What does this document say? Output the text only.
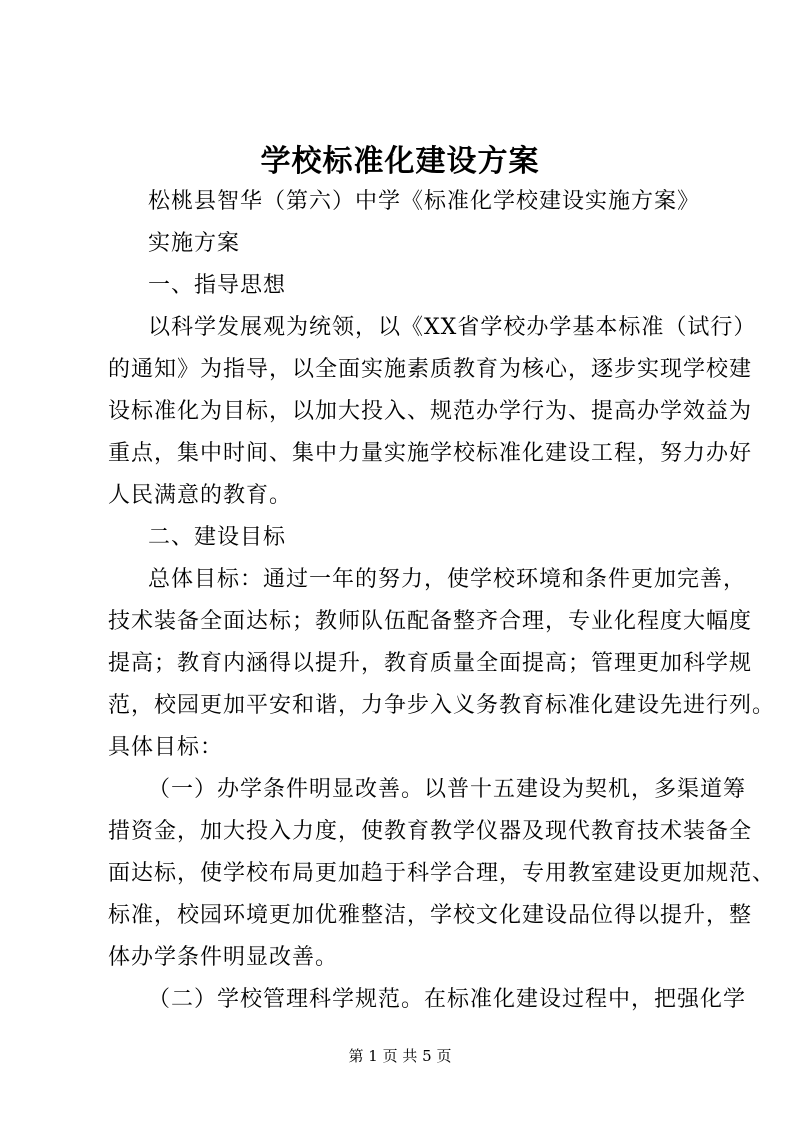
学校标准化建设方案
松桃县智华（第六）中学《标准化学校建设实施方案》
实施方案
一、指导思想
以科学发展观为统领，以《XX省学校办学基本标准（试行）
的通知》为指导，以全面实施素质教育为核心，逐步实现学校建
设标准化为目标，以加大投入、规范办学行为、提高办学效益为
重点，集中时间、集中力量实施学校标准化建设工程，努力办好
人民满意的教育。
二、建设目标
总体目标：通过一年的努力，使学校环境和条件更加完善，
技术装备全面达标；教师队伍配备整齐合理，专业化程度大幅度
提高；教育内涵得以提升，教育质量全面提高；管理更加科学规
范，校园更加平安和谐，力争步入义务教育标准化建设先进行列。
具体目标：
（一）办学条件明显改善。以普十五建设为契机，多渠道筹
措资金，加大投入力度，使教育教学仪器及现代教育技术装备全
面达标，使学校布局更加趋于科学合理，专用教室建设更加规范、
标准，校园环境更加优雅整洁，学校文化建设品位得以提升，整
体办学条件明显改善。
（二）学校管理科学规范。在标准化建设过程中，把强化学
第 1 页 共 5 页
